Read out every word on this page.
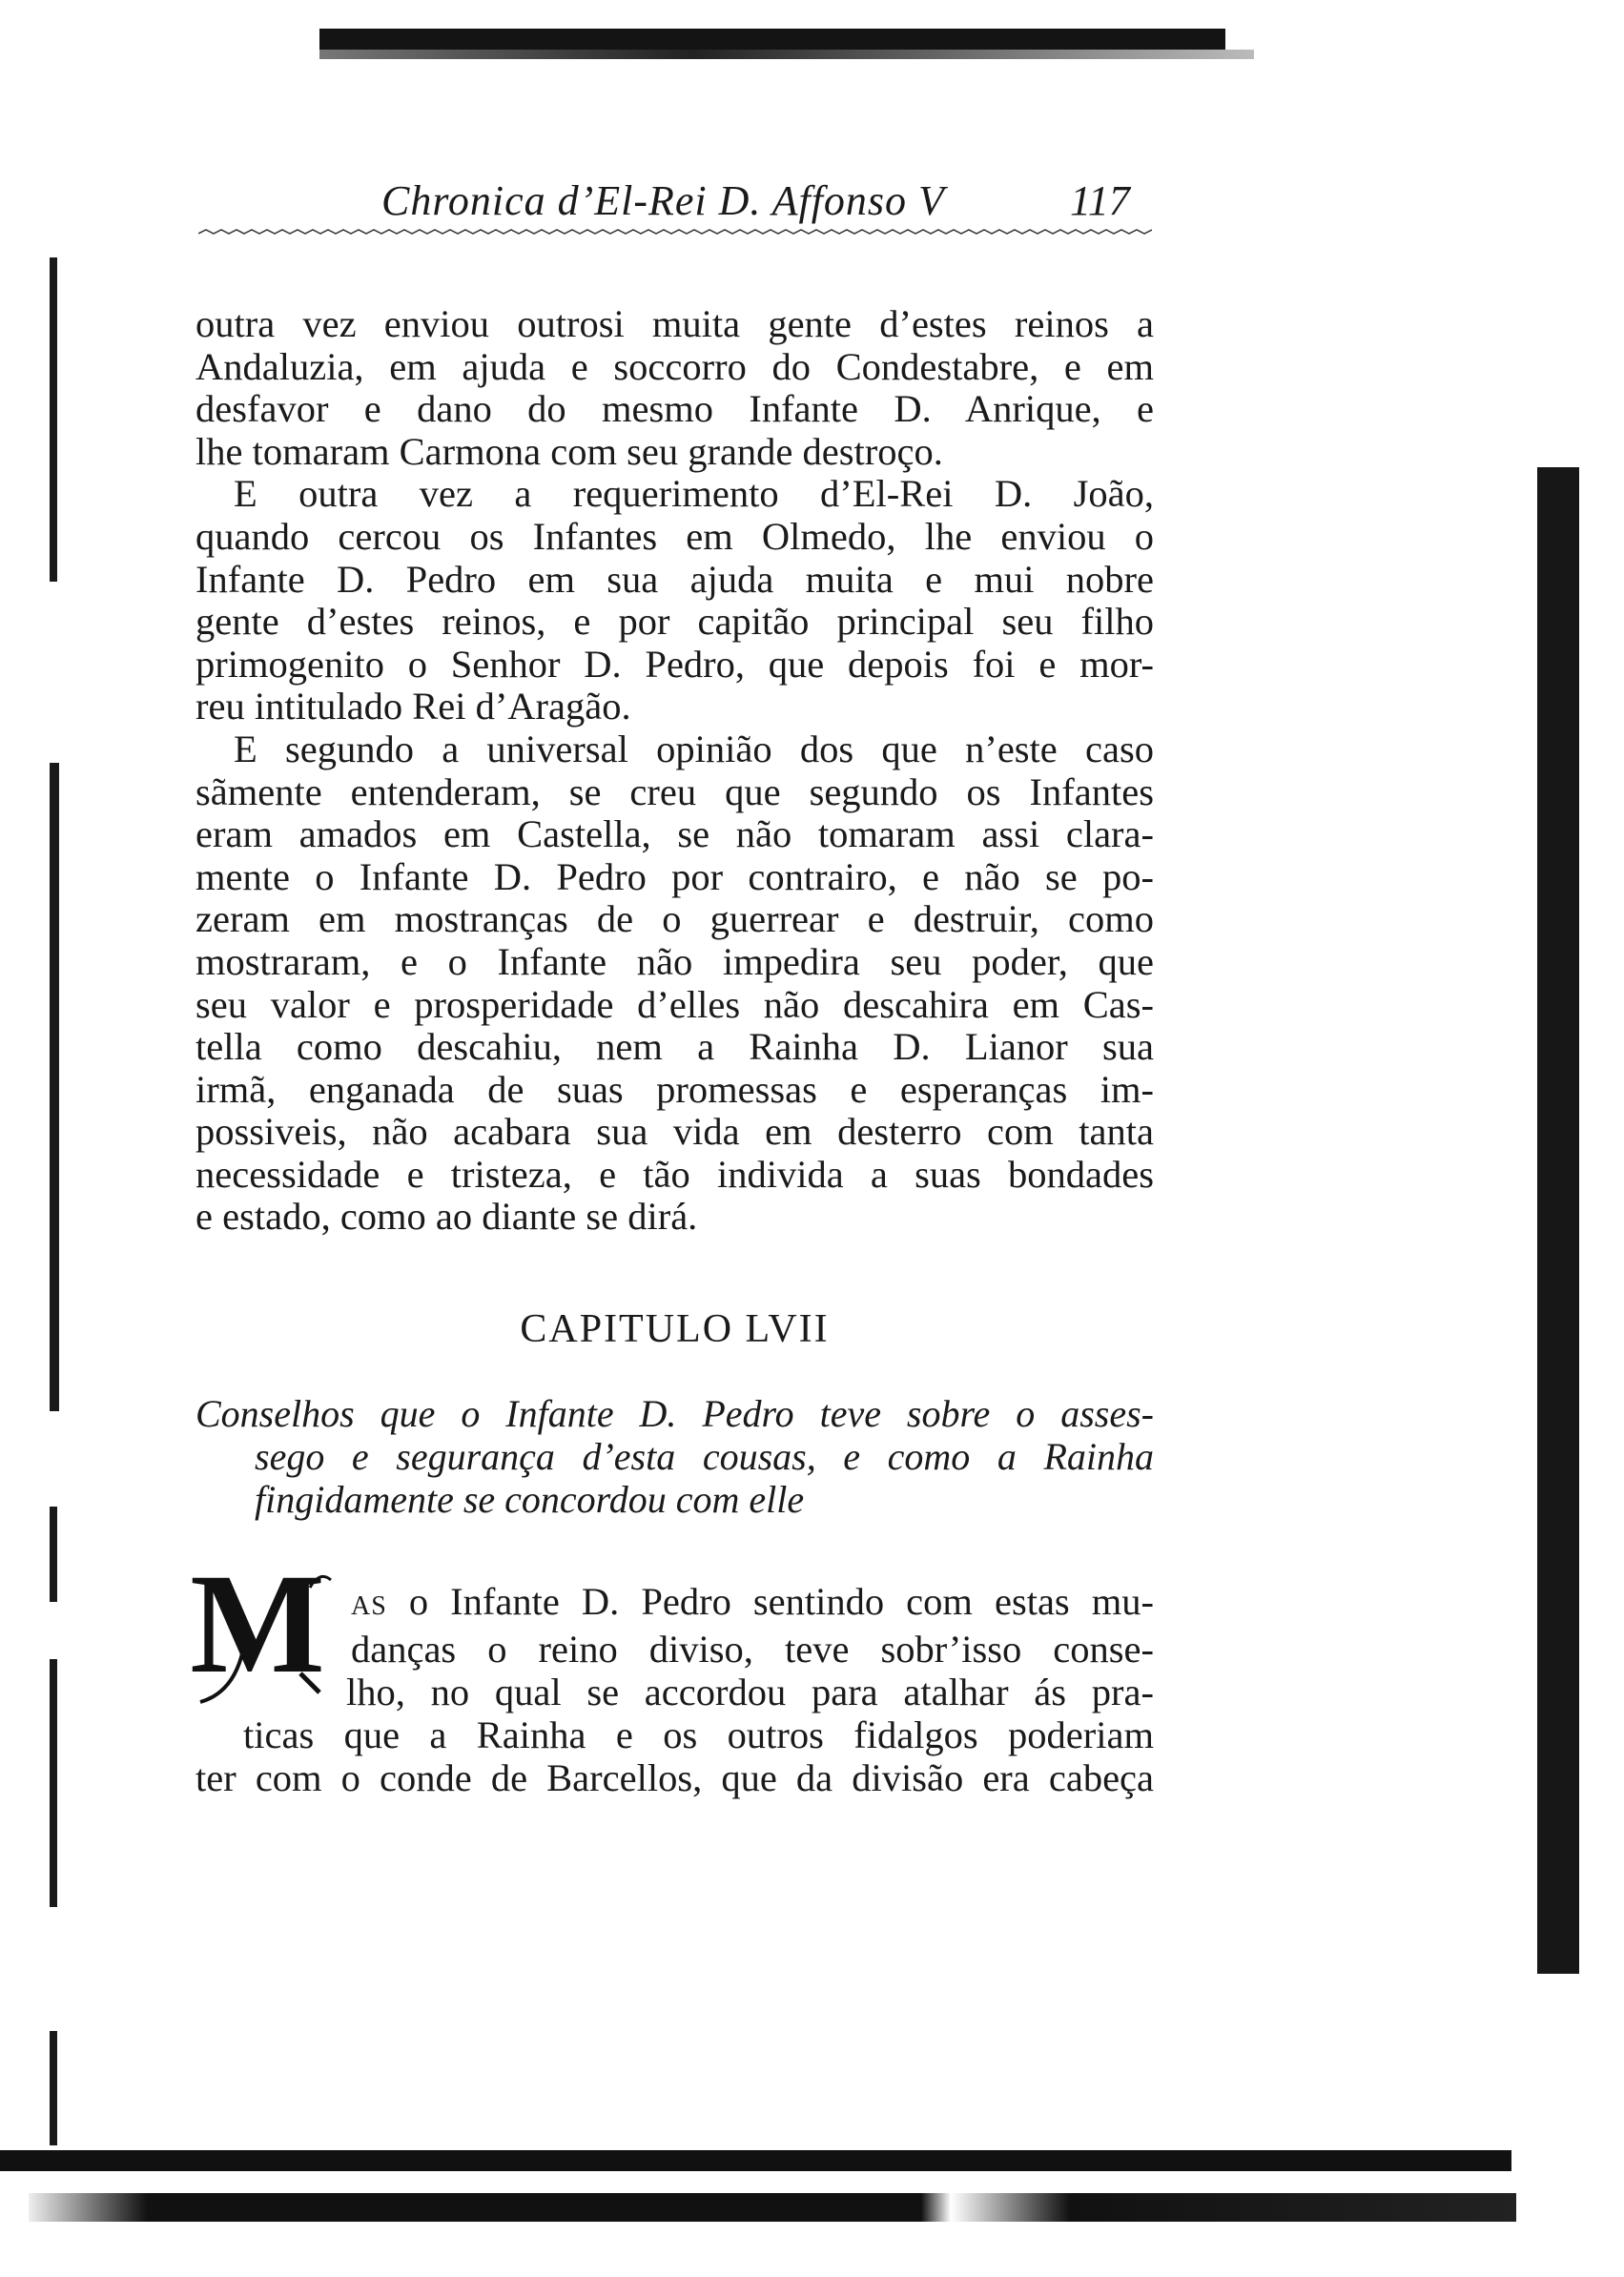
Chronica d’El-Rei D. Affonso V	117
outra vez enviou outrosi muita gente d’estes reinos a
Andaluzia, em ajuda e soccorro do Condestabre, e em
desfavor e dano do mesmo Infante D. Anrique, e
lhe tomaram Carmona com seu grande destroço.
E outra vez a requerimento d’El-Rei D. João,
quando cercou os Infantes em Olmedo, lhe enviou o
Infante D. Pedro em sua ajuda muita e mui nobre
gente d’estes reinos, e por capitão principal seu filho
primogenito o Senhor D. Pedro, que depois foi e mor-
reu intitulado Rei d’Aragão.
E segundo a universal opinião dos que n’este caso
sãmente entenderam, se creu que segundo os Infantes
eram amados em Castella, se não tomaram assi clara-
mente o Infante D. Pedro por contrairo, e não se po-
zeram em mostranças de o guerrear e destruir, como
mostraram, e o Infante não impedira seu poder, que
seu valor e prosperidade d’elles não descahira em Cas-
tella como descahiu, nem a Rainha D. Lianor sua
irmã, enganada de suas promessas e esperanças im-
possiveis, não acabara sua vida em desterro com tanta
necessidade e tristeza, e tão individa a suas bondades
e estado, como ao diante se dirá.
CAPITULO LVII
Conselhos que o Infante D. Pedro teve sobre o asses-
sego e segurança d’esta cousas, e como a Rainha
fingidamente se concordou com elle
M AS o Infante D. Pedro sentindo com estas mu-
danças o reino diviso, teve sobr’isso conse-
lho, no qual se accordou para atalhar ás pra-
ticas que a Rainha e os outros fidalgos poderiam
ter com o conde de Barcellos, que da divisão era cabeça
